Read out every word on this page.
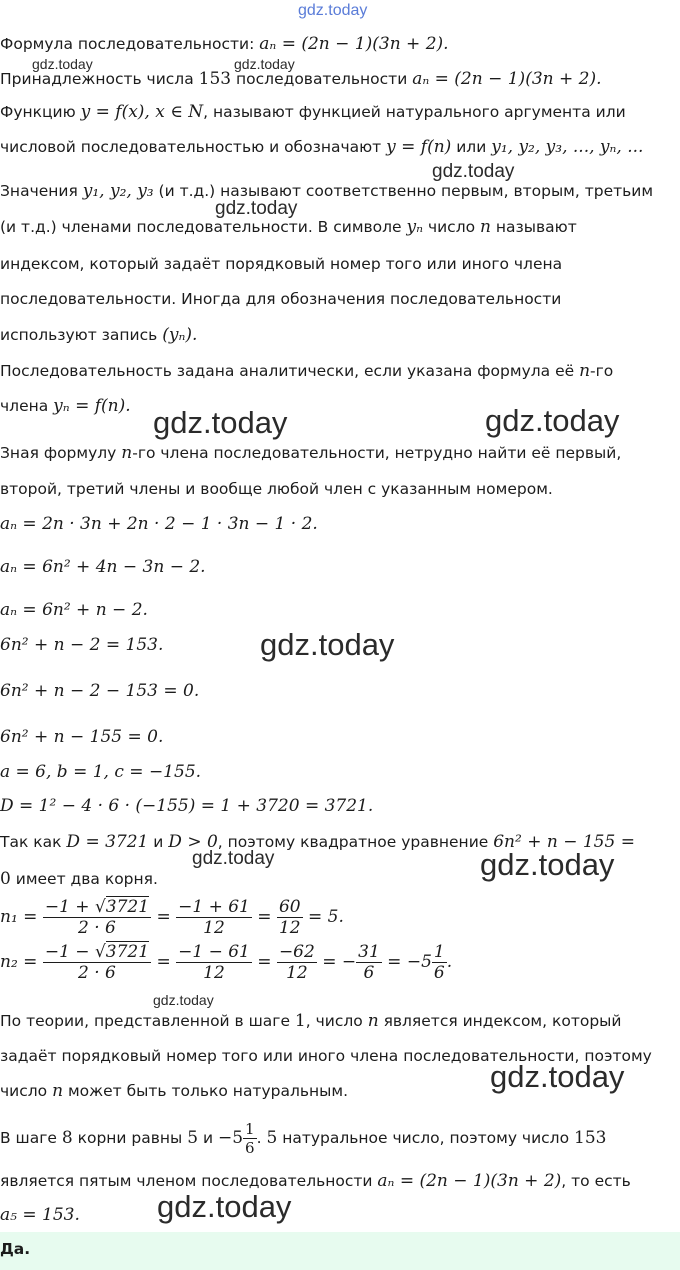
gdz.today
gdz.today	gdz.today
gdz.today
gdz.today
gdz.today	gdz.today
gdz.today
gdz.today	gdz.today
gdz.today
gdz.today
gdz.today
Формула последовательности: aₙ = (2n − 1)(3n + 2).
Принадлежность числа 153 последовательности aₙ = (2n − 1)(3n + 2).
Функцию y = f(x), x ∈ N, называют функцией натурального аргумента или
числовой последовательностью и обозначают y = f(n) или y₁, y₂, y₃, ..., yₙ, ...
Значения y₁, y₂, y₃ (и т.д.) называют соответственно первым, вторым, третьим
(и т.д.) членами последовательности. В символе yₙ число n называют
индексом, который задаёт порядковый номер того или иного члена
последовательности. Иногда для обозначения последовательности
используют запись (yₙ).
Последовательность задана аналитически, если указана формула её n-го
члена yₙ = f(n).
Зная формулу n-го члена последовательности, нетрудно найти её первый,
второй, третий члены и вообще любой член с указанным номером.
aₙ = 2n · 3n + 2n · 2 − 1 · 3n − 1 · 2.
aₙ = 6n² + 4n − 3n − 2.
aₙ = 6n² + n − 2.
6n² + n − 2 = 153.
6n² + n − 2 − 153 = 0.
6n² + n − 155 = 0.
a = 6, b = 1, c = −155.
D = 1² − 4 · 6 · (−155) = 1 + 3720 = 3721.
Так как D = 3721 и D > 0, поэтому квадратное уравнение 6n² + n − 155 =
0 имеет два корня.
$n_1 = \frac{-1 + √3721}{2 \cdot 6} = \frac{-1 + 61}{12} = \frac{60}{12} = 5$.
$n_2 = \frac{-1 - √3721}{2 \cdot 6} = \frac{-1 - 61}{12} = \frac{-62}{12}$ = − $\frac{31}{6} = -5 \frac{1}{6}$ .
По теории, представленной в шаге 1, число n является индексом, который
задаёт порядковый номер того или иного члена последовательности, поэтому
число n может быть только натуральным.
В шаге 8 корни равны 5 $и -5 \frac{1}{6}$ . 5 натуральное число, поэтому число 153
является пятым членом последовательности aₙ = (2n − 1)(3n + 2), то есть
a₅ = 153.
Да.
